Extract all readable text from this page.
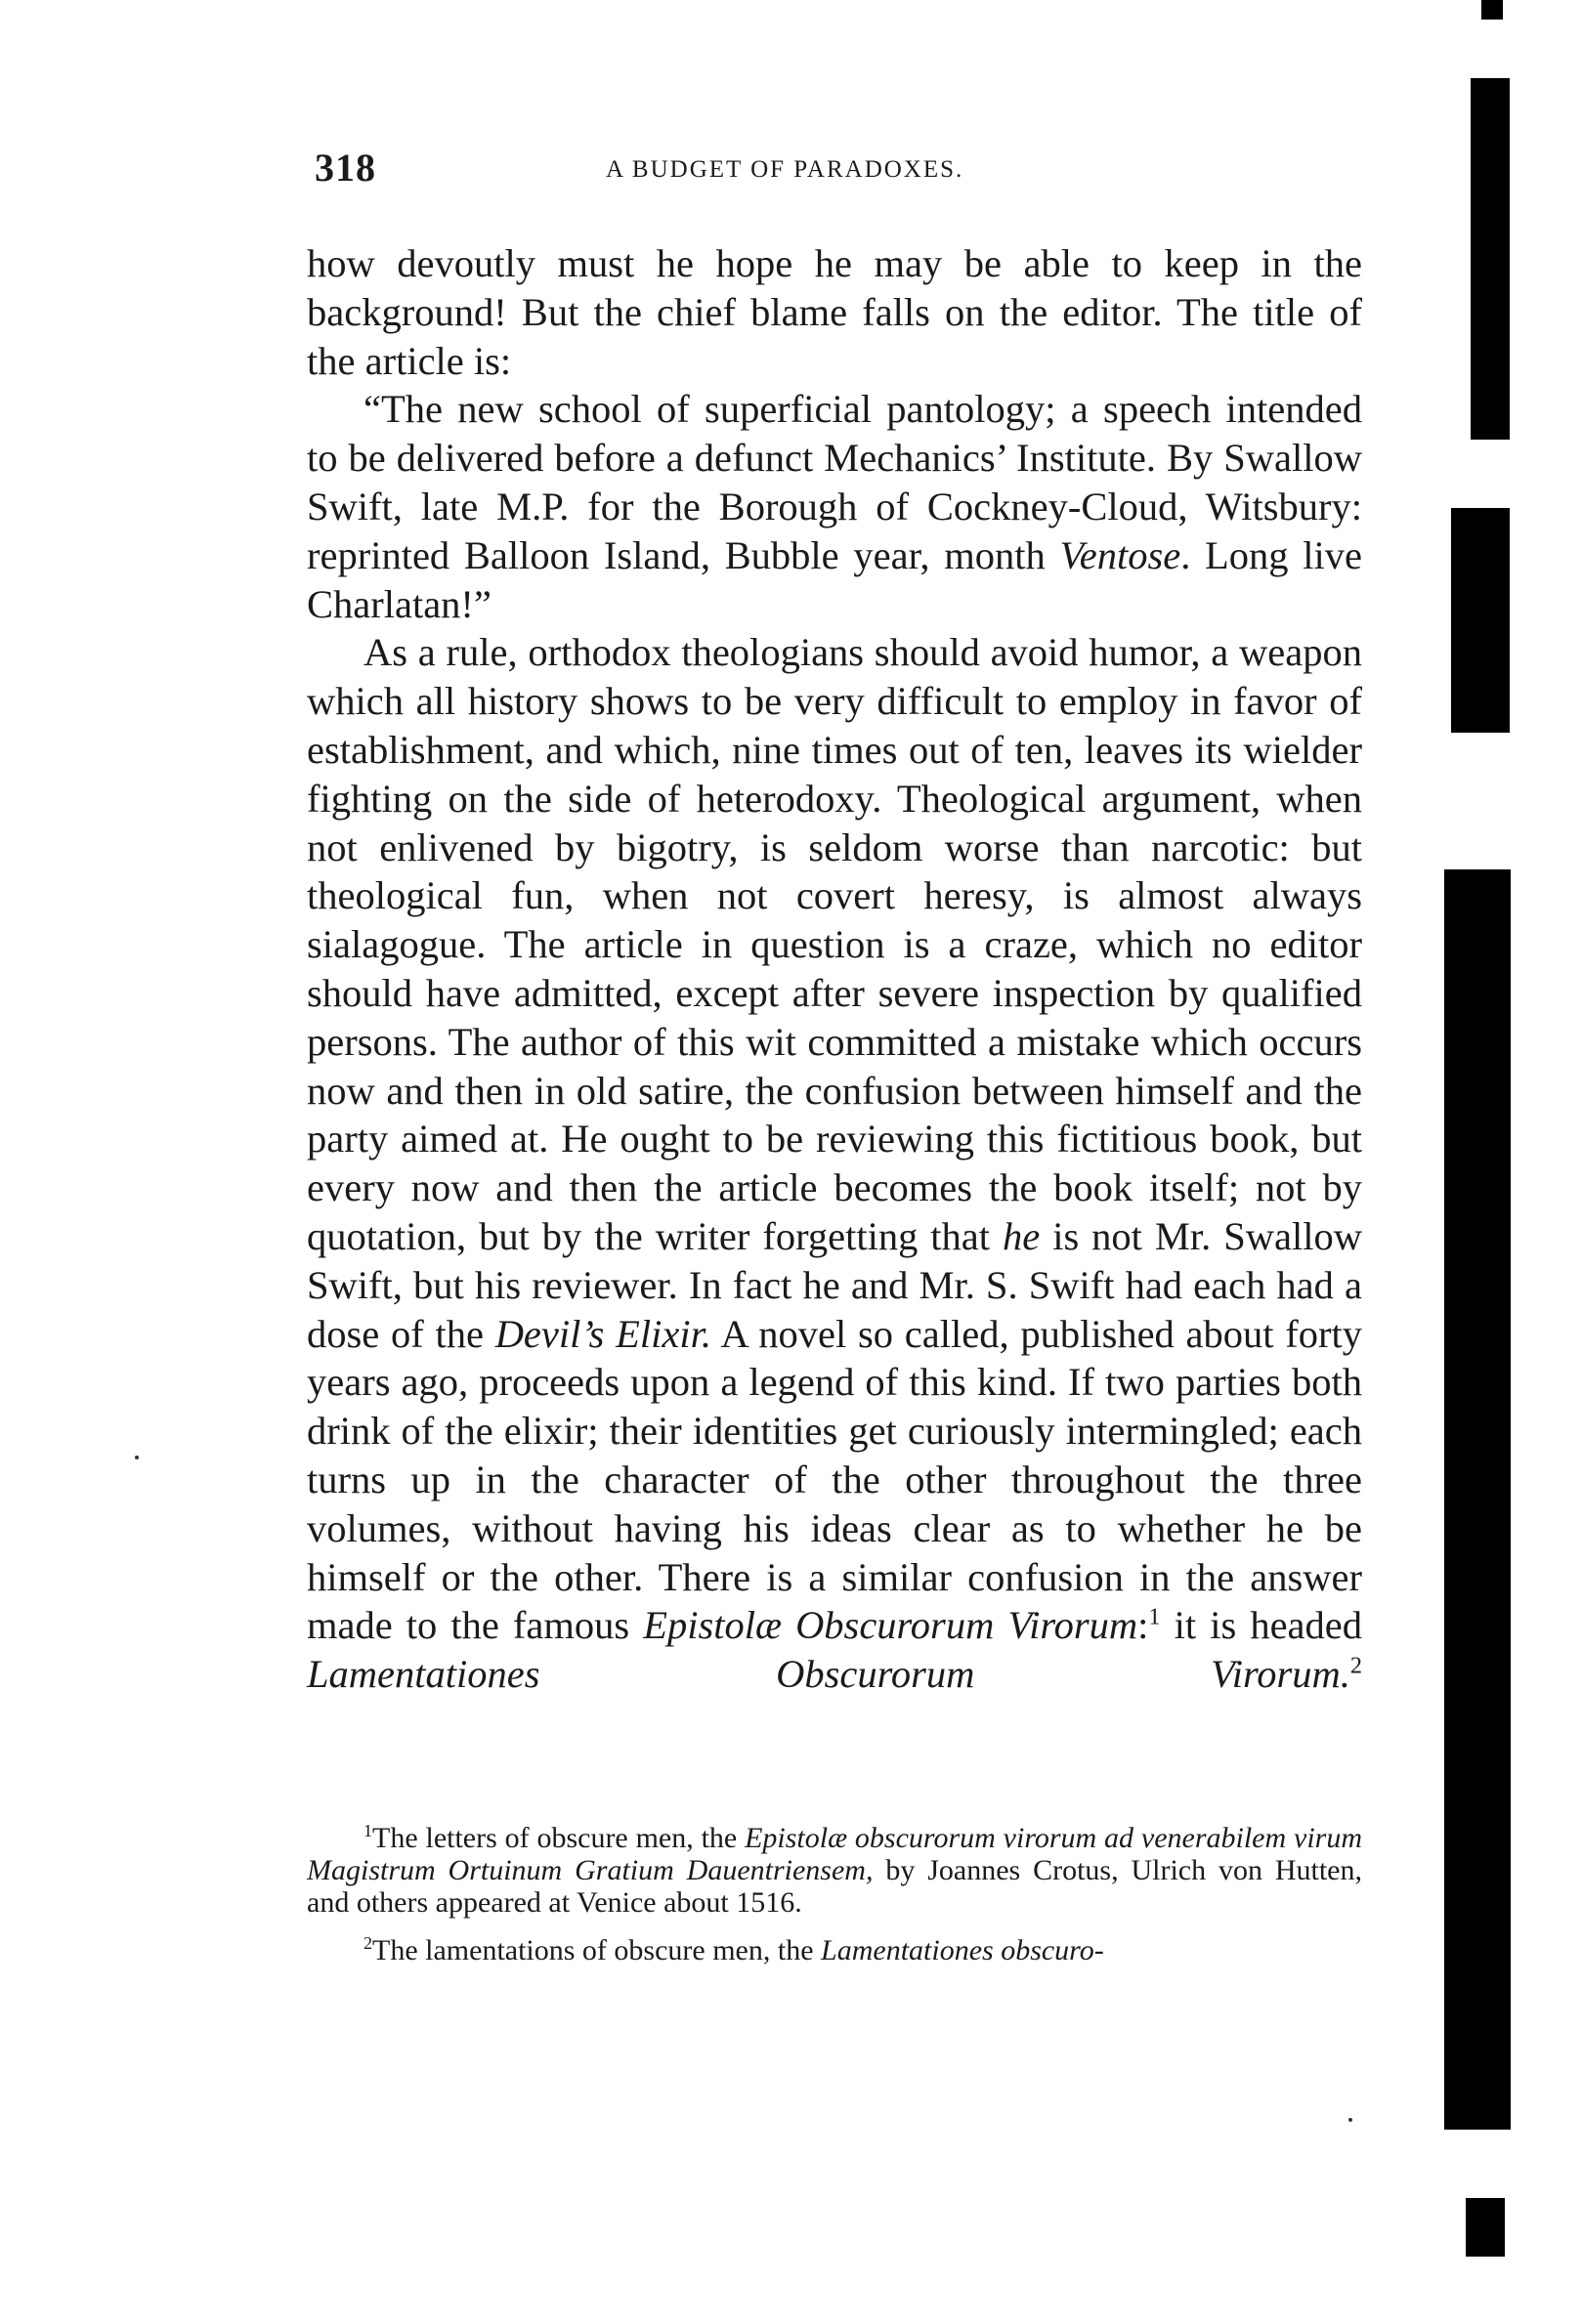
318	A BUDGET OF PARADOXES.

how devoutly must he hope he may be able to keep in the background! But the chief blame falls on the editor. The title of the article is:

“The new school of superficial pantology; a speech intended to be delivered before a defunct Mechanics’ Institute. By Swallow Swift, late M.P. for the Borough of Cockney-Cloud, Witsbury: reprinted Balloon Island, Bubble year, month Ventose. Long live Charlatan!”

As a rule, orthodox theologians should avoid humor, a weapon which all history shows to be very difficult to employ in favor of establishment, and which, nine times out of ten, leaves its wielder fighting on the side of heterodoxy. Theological argument, when not enlivened by bigotry, is seldom worse than narcotic: but theological fun, when not covert heresy, is almost always sialagogue. The article in question is a craze, which no editor should have admitted, except after severe inspection by qualified persons. The author of this wit committed a mistake which occurs now and then in old satire, the confusion between himself and the party aimed at. He ought to be reviewing this fictitious book, but every now and then the article becomes the book itself; not by quotation, but by the writer forgetting that he is not Mr. Swallow Swift, but his reviewer. In fact he and Mr. S. Swift had each had a dose of the Devil’s Elixir. A novel so called, published about forty years ago, proceeds upon a legend of this kind. If two parties both drink of the elixir; their identities get curiously intermingled; each turns up in the character of the other throughout the three volumes, without having his ideas clear as to whether he be himself or the other. There is a similar confusion in the answer made to the famous Epistolæ Obscurorum Virorum:$^1$ it is headed Lamentationes Obscurorum Virorum.$^2$

$^1$The letters of obscure men, the Epistolæ obscurorum virorum ad venerabilem virum Magistrum Ortuinum Gratium Dauentriensem, by Joannes Crotus, Ulrich von Hutten, and others appeared at Venice about 1516.

$^2$The lamentations of obscure men, the Lamentationes obscuro-
